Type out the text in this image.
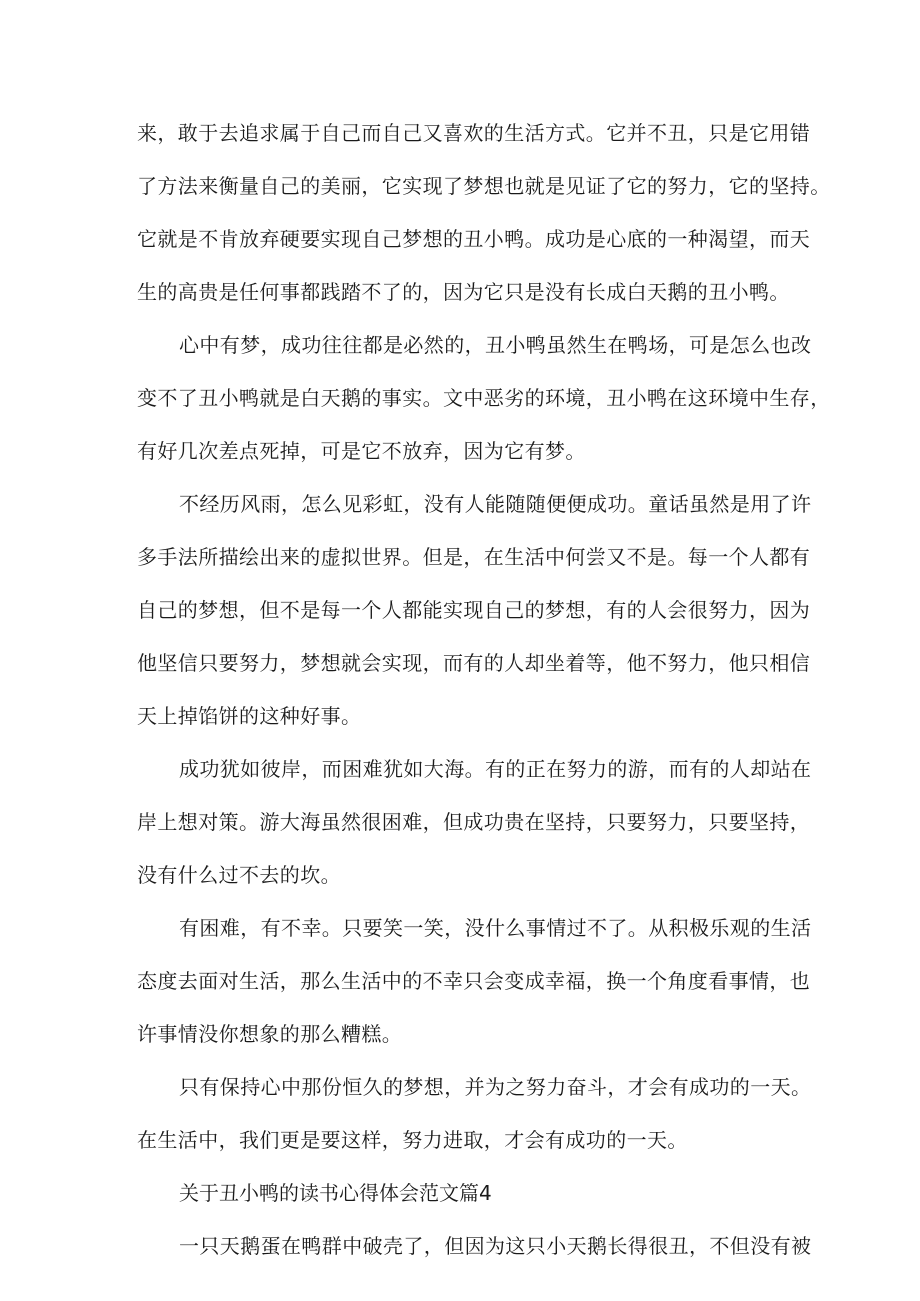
来，敢于去追求属于自己而自己又喜欢的生活方式。它并不丑，只是它用错
了方法来衡量自己的美丽，它实现了梦想也就是见证了它的努力，它的坚持。
它就是不肯放弃硬要实现自己梦想的丑小鸭。成功是心底的一种渴望，而天
生的高贵是任何事都践踏不了的，因为它只是没有长成白天鹅的丑小鸭。
心中有梦，成功往往都是必然的，丑小鸭虽然生在鸭场，可是怎么也改
变不了丑小鸭就是白天鹅的事实。文中恶劣的环境，丑小鸭在这环境中生存，
有好几次差点死掉，可是它不放弃，因为它有梦。
不经历风雨，怎么见彩虹，没有人能随随便便成功。童话虽然是用了许
多手法所描绘出来的虚拟世界。但是，在生活中何尝又不是。每一个人都有
自己的梦想，但不是每一个人都能实现自己的梦想，有的人会很努力，因为
他坚信只要努力，梦想就会实现，而有的人却坐着等，他不努力，他只相信
天上掉馅饼的这种好事。
成功犹如彼岸，而困难犹如大海。有的正在努力的游，而有的人却站在
岸上想对策。游大海虽然很困难，但成功贵在坚持，只要努力，只要坚持，
没有什么过不去的坎。
有困难，有不幸。只要笑一笑，没什么事情过不了。从积极乐观的生活
态度去面对生活，那么生活中的不幸只会变成幸福，换一个角度看事情，也
许事情没你想象的那么糟糕。
只有保持心中那份恒久的梦想，并为之努力奋斗，才会有成功的一天。
在生活中，我们更是要这样，努力进取，才会有成功的一天。
关于丑小鸭的读书心得体会范文篇4
一只天鹅蛋在鸭群中破壳了，但因为这只小天鹅长得很丑，不但没有被
